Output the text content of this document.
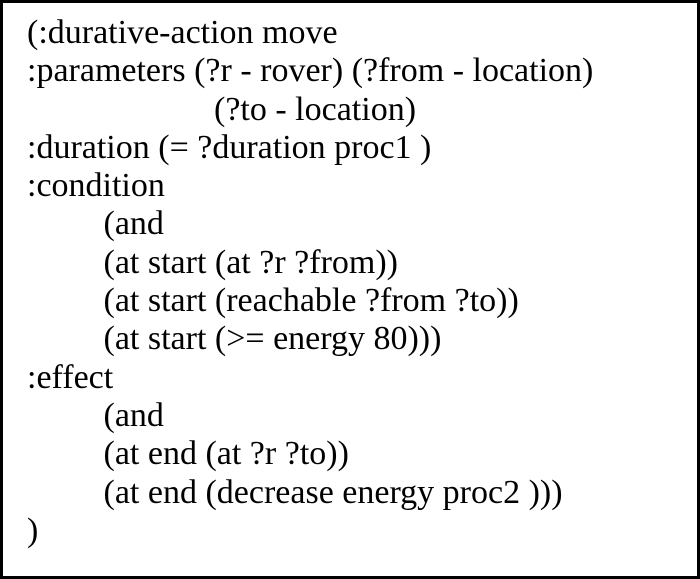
(:durative-action move
:parameters (?r - rover) (?from - location)
(?to - location)
:duration (= ?duration proc1 )
:condition
(and
(at start (at ?r ?from))
(at start (reachable ?from ?to))
(at start (>= energy 80)))
:effect
(and
(at end (at ?r ?to))
(at end (decrease energy proc2 )))
)
